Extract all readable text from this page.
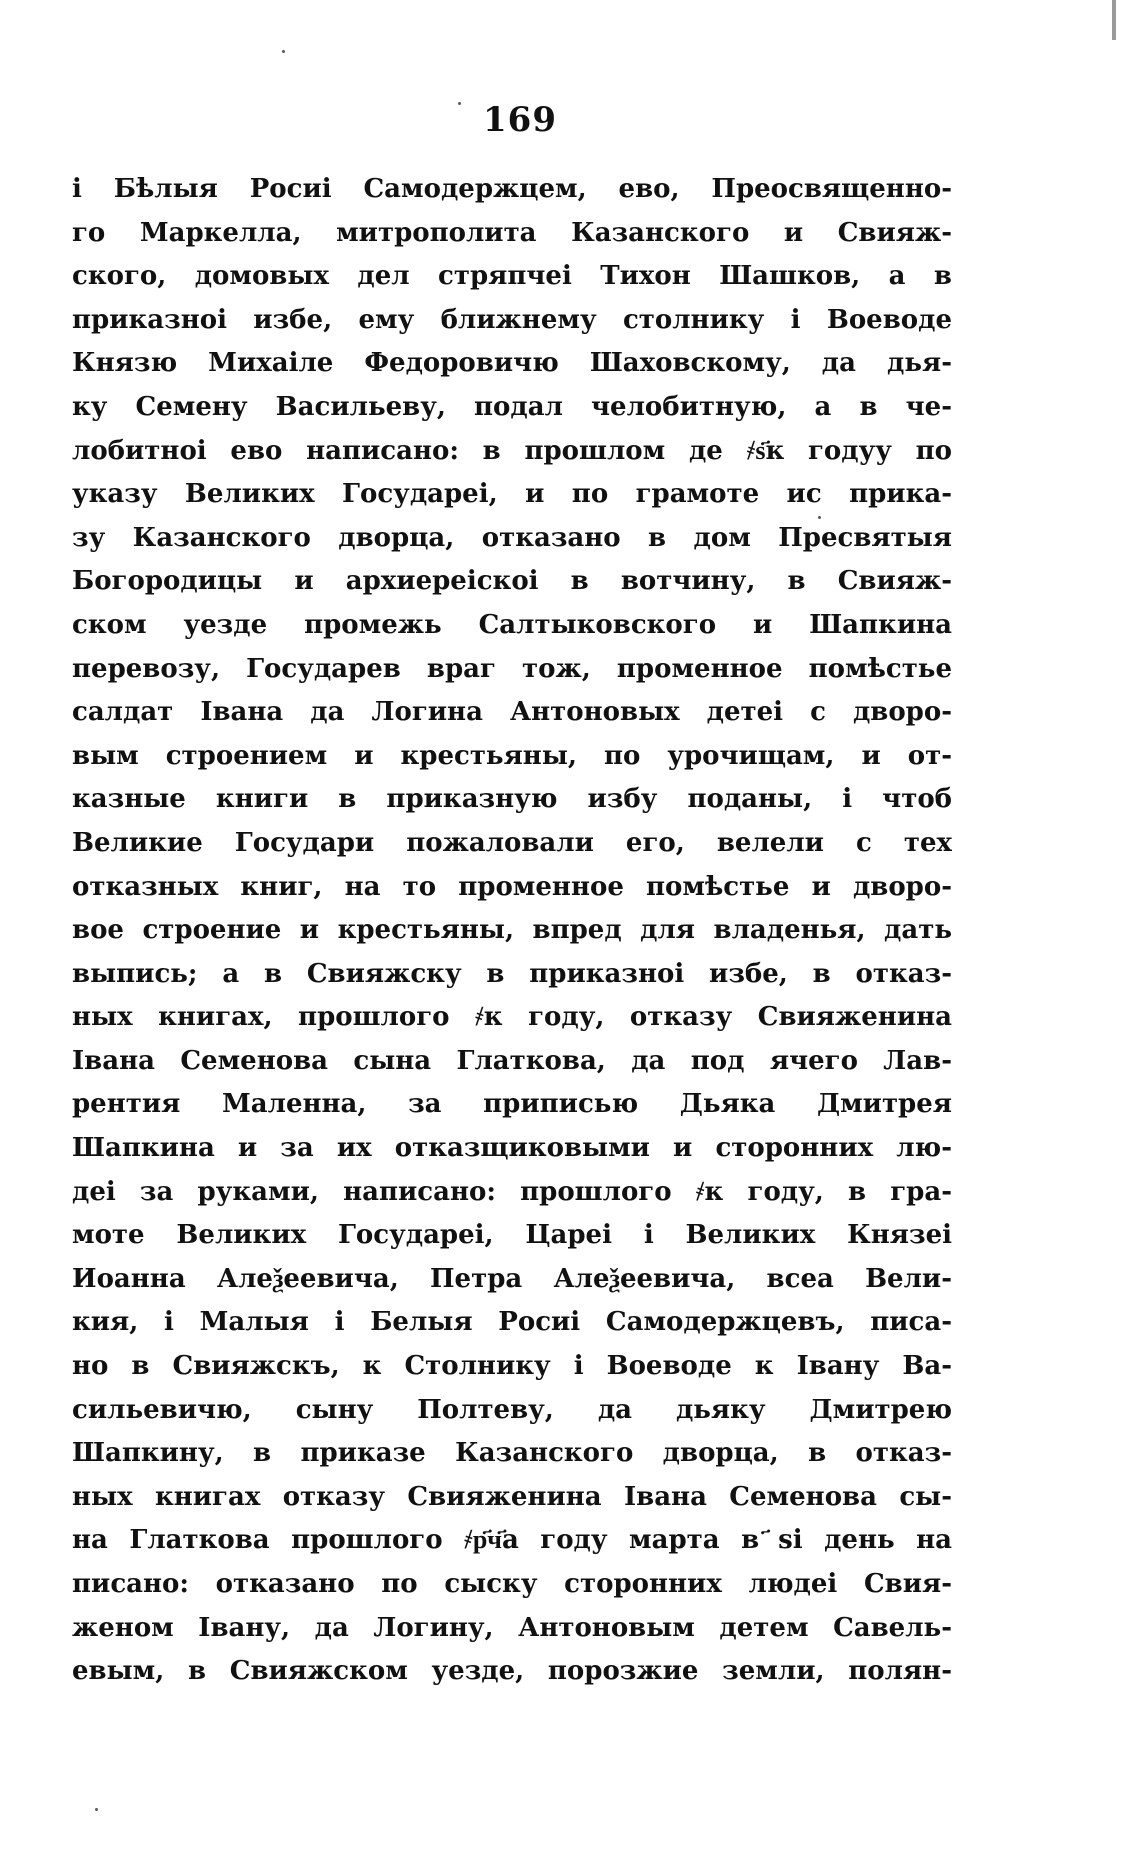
169
і Бѣлыя Росиі Самодержцем, ево, Преосвященно-
го Маркелла, митрополита Казанского и Свияж-
ского, домовых дел стряпчеі Тихон Шашков, а в
приказноі избе, ему ближнему столнику і Воеводе
Князю Михаіле Федоровичю Шаховскому, да дья-
ку Семену Васильеву, подал челобитную, а в че-
лобитноі ево написано: в прошлом де ҂ѕ҃к годуу по
указу Великих Государеі, и по грамоте ис прика-
зу Казанского дворца, отказано в дом Пресвятыя
Богородицы и архиереіскоі в вотчину, в Свияж-
ском уезде промежь Салтыковского и Шапкина
перевозу, Государев враг тож, променное помѣстье
салдат Івана да Логина Антоновых детеі с дворо-
вым строением и крестьяны, по урочищам, и от-
казные книги в приказную избу поданы, і чтоб
Великие Государи пожаловали его, велели с тех
отказных книг, на то променное помѣстье и дворо-
вое строение и крестьяны, впред для владенья, дать
выпись; а в Свияжску в приказноі избе, в отказ-
ных книгах, прошлого ҂к году, отказу Свияженина
Івана Семенова сына Глаткова, да под ячего Лав-
рентия Маленна, за приписью Дьяка Дмитрея
Шапкина и за их отказщиковыми и сторонних лю-
деі за руками, написано: прошлого ҂к году, в гра-
моте Великих Государеі, Цареі і Великих Князеі
Иоанна Алеѯеевича, Петра Алеѯеевича, всеа Вели-
кия, і Малыя і Белыя Росиі Самодержцевъ, писа-
но в Свияжскъ, к Столнику і Воеводе к Івану Ва-
сильевичю, сыну Полтеву, да дьяку Дмитрею
Шапкину, в приказе Казанского дворца, в отказ-
ных книгах отказу Свияженина Івана Семенова сы-
на Глаткова прошлого ҂р҃ч҃а году марта в ҃ѕі день на
писано: отказано по сыску сторонних людеі Свия-
женом Івану, да Логину, Антоновым детем Савель-
евым, в Свияжском уезде, порозжие земли, полян-
